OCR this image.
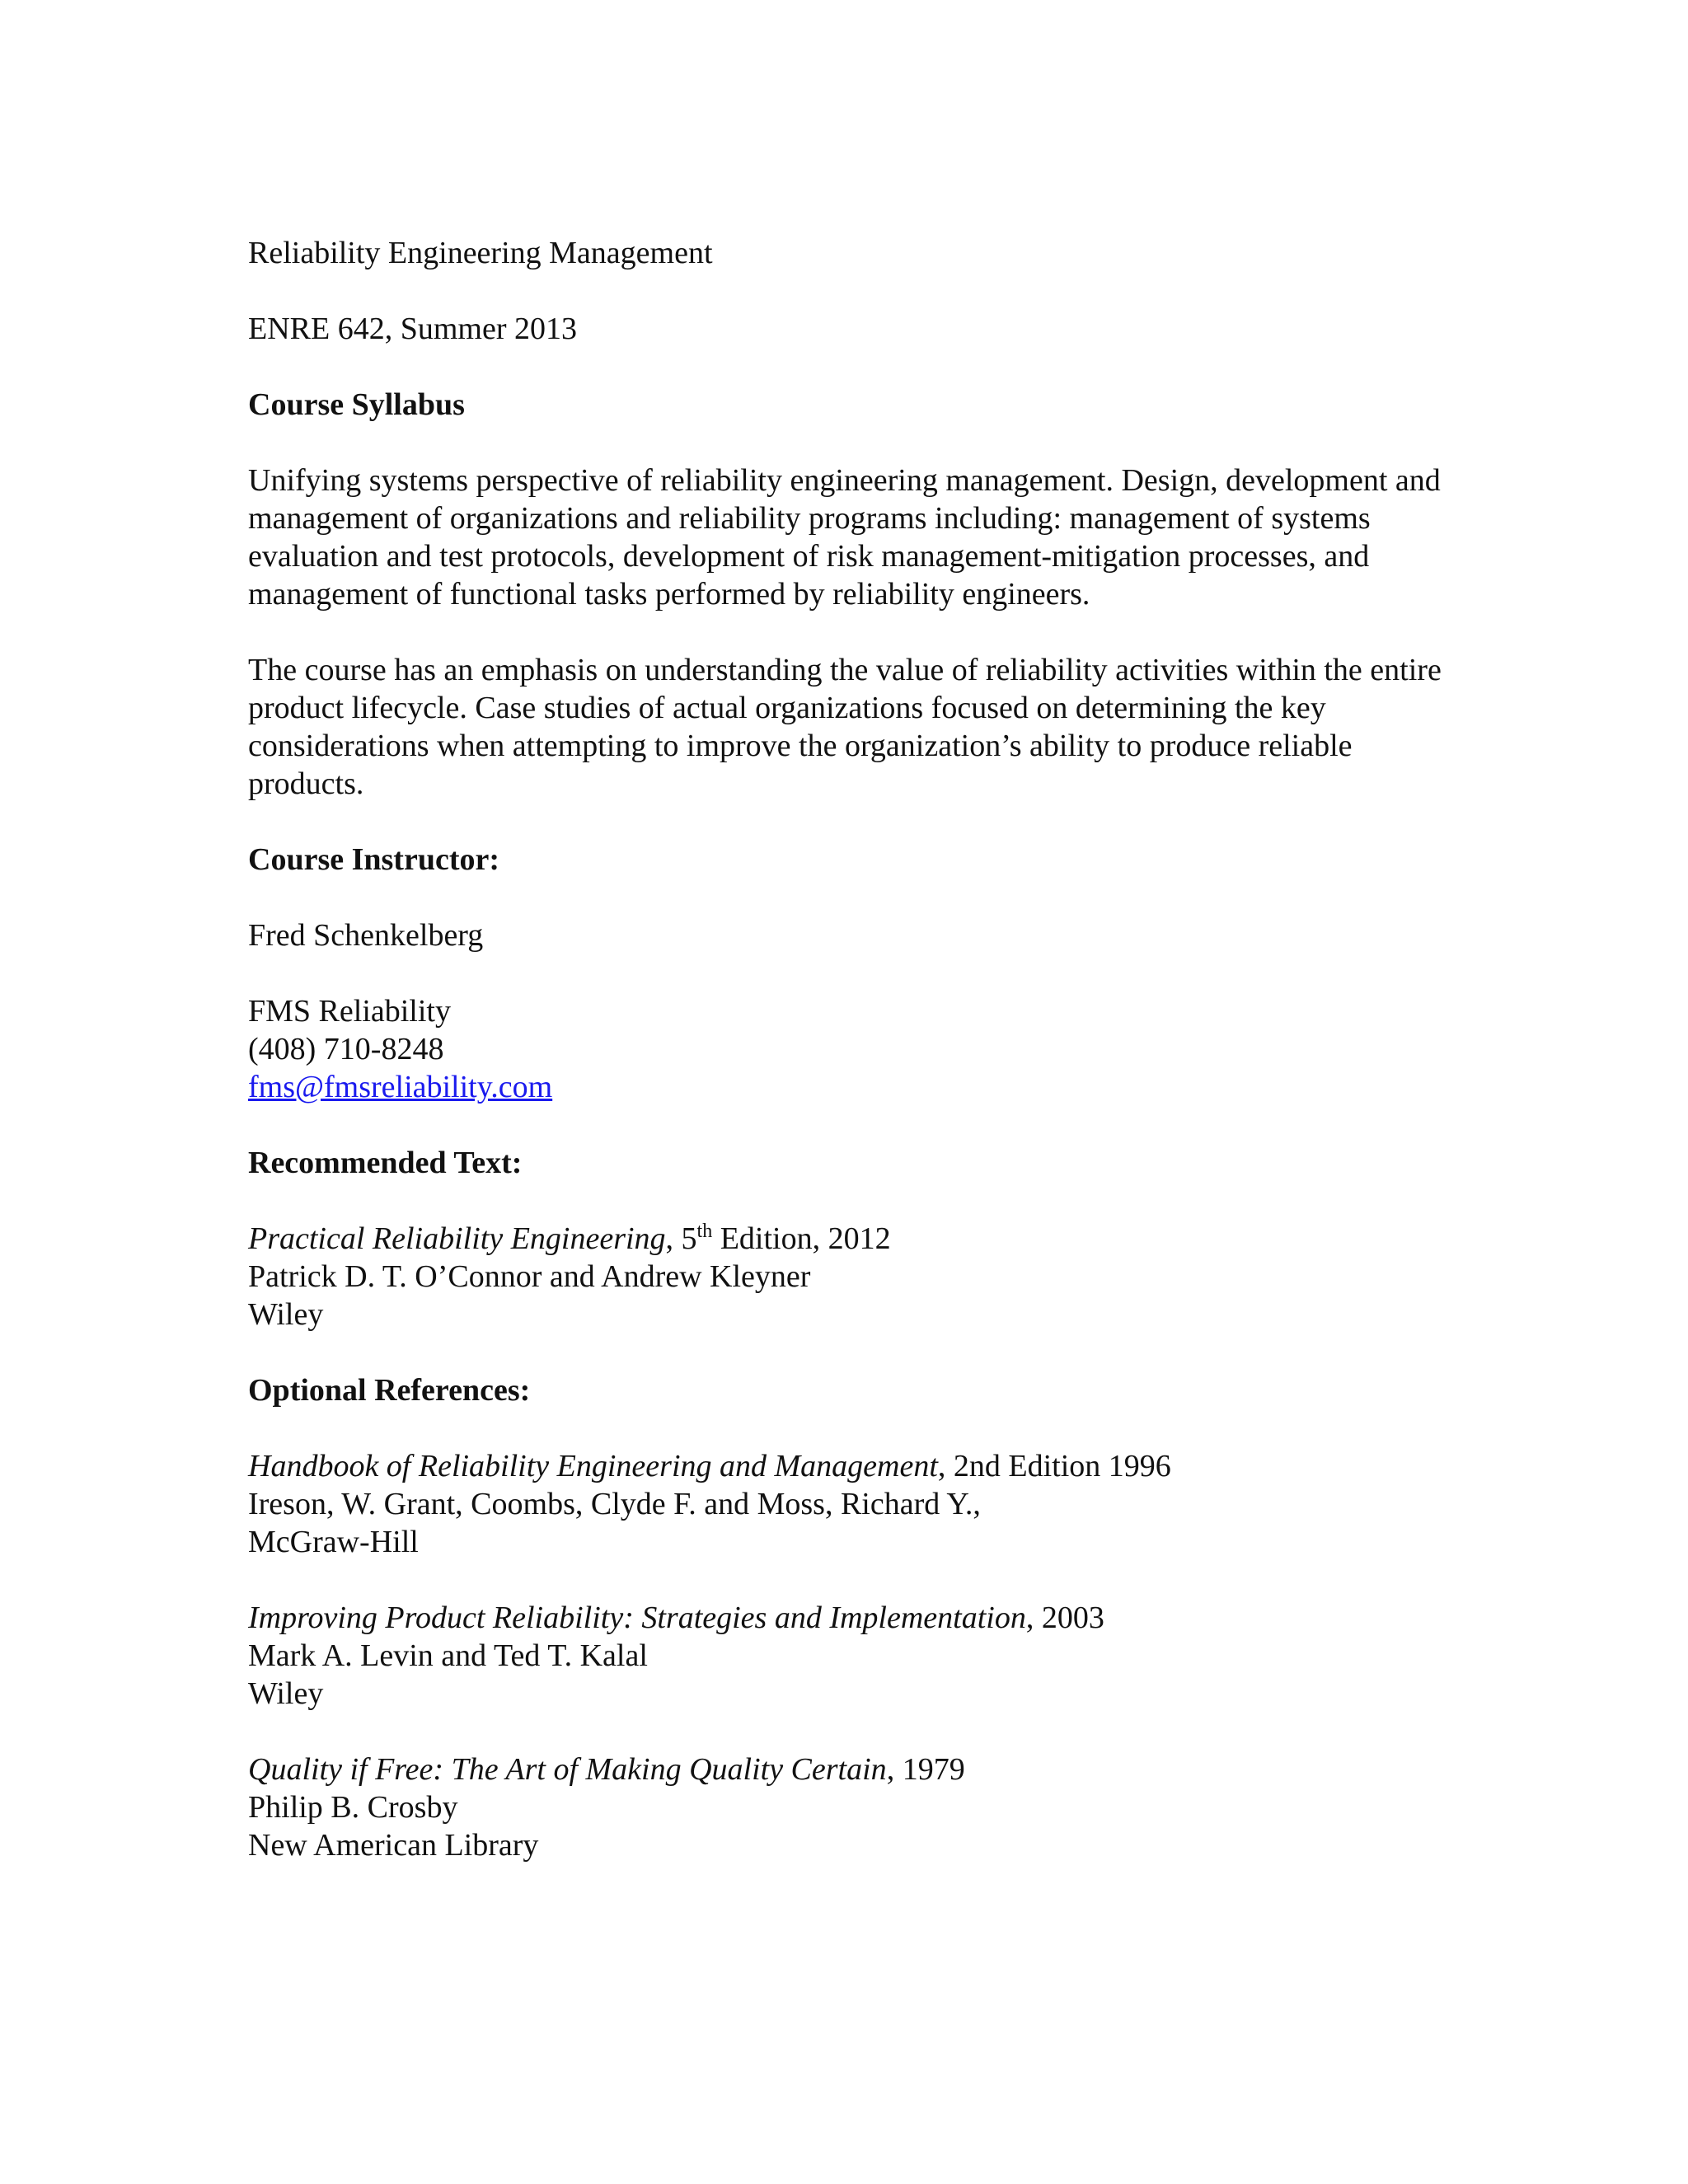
Reliability Engineering Management
ENRE 642, Summer 2013
Course Syllabus
Unifying systems perspective of reliability engineering management. Design, development and management of organizations and reliability programs including: management of systems evaluation and test protocols, development of risk management-mitigation processes, and management of functional tasks performed by reliability engineers.
The course has an emphasis on understanding the value of reliability activities within the entire product lifecycle. Case studies of actual organizations focused on determining the key considerations when attempting to improve the organization’s ability to produce reliable products.
Course Instructor:
Fred Schenkelberg
FMS Reliability
(408) 710-8248
fms@fmsreliability.com
Recommended Text:
Practical Reliability Engineering, 5th Edition, 2012
Patrick D. T. O’Connor and Andrew Kleyner
Wiley
Optional References:
Handbook of Reliability Engineering and Management, 2nd Edition 1996
Ireson, W. Grant, Coombs, Clyde F. and Moss, Richard Y.,
McGraw-Hill
Improving Product Reliability: Strategies and Implementation, 2003
Mark A. Levin and Ted T. Kalal
Wiley
Quality if Free: The Art of Making Quality Certain, 1979
Philip B. Crosby
New American Library
